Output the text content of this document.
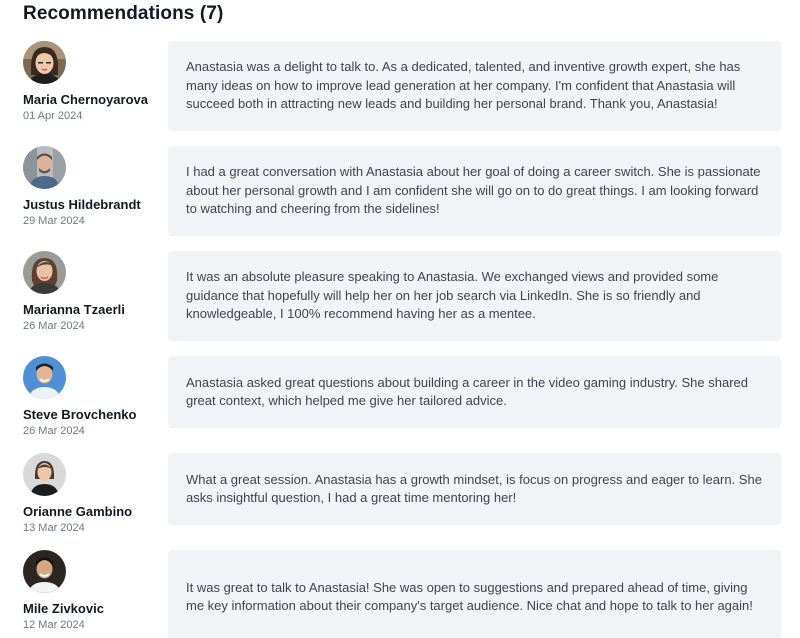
Recommendations (7)
Maria Chernoyarova
01 Apr 2024

Anastasia was a delight to talk to. As a dedicated, talented, and inventive growth expert, she has many ideas on how to improve lead generation at her company. I'm confident that Anastasia will succeed both in attracting new leads and building her personal brand. Thank you, Anastasia!

Justus Hildebrandt
29 Mar 2024

I had a great conversation with Anastasia about her goal of doing a career switch. She is passionate about her personal growth and I am confident she will go on to do great things. I am looking forward to watching and cheering from the sidelines!

Marianna Tzaerli
26 Mar 2024

It was an absolute pleasure speaking to Anastasia. We exchanged views and provided some guidance that hopefully will help her on her job search via LinkedIn. She is so friendly and knowledgeable, I 100% recommend having her as a mentee.

Steve Brovchenko
26 Mar 2024

Anastasia asked great questions about building a career in the video gaming industry. She shared great context, which helped me give her tailored advice.

Orianne Gambino
13 Mar 2024

What a great session. Anastasia has a growth mindset, is focus on progress and eager to learn. She asks insightful question, I had a great time mentoring her!

Mile Zivkovic
12 Mar 2024

It was great to talk to Anastasia! She was open to suggestions and prepared ahead of time, giving me key information about their company's target audience. Nice chat and hope to talk to her again!
